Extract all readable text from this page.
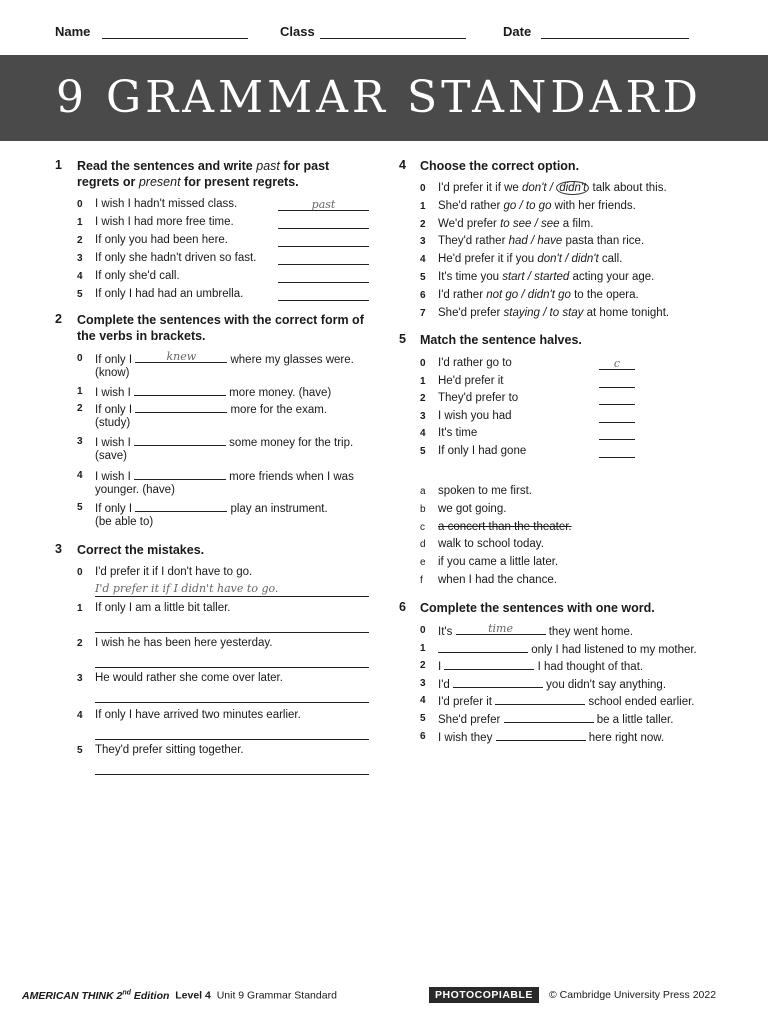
Name	Class	Date
9 GRAMMAR STANDARD
1 Read the sentences and write past for past
regrets or present for present regrets.
0 I wish I hadn't missed class.	past
1 I wish I had more free time.
2 If only you had been here.
3 If only she hadn't driven so fast.
4 If only she'd call.
5 If only I had had an umbrella.
2 Complete the sentences with the correct form of
the verbs in brackets.
0 If only I	knew	where my glasses were.
(know)
1 I wish I	more money. (have)
2 If only I	more for the exam.
(study)
3 I wish I	some money for the trip.
(save)
4 I wish I	more friends when I was
younger. (have)
5 If only I	play an instrument.
(be able to)
3 Correct the mistakes.
0 I'd prefer it if I don't have to go.
I'd prefer it if I didn't have to go.
1 If only I am a little bit taller.
2 I wish he has been here yesterday.
3 He would rather she come over later.
4 If only I have arrived two minutes earlier.
5 They'd prefer sitting together.
4 Choose the correct option.
0 I'd prefer it if we don't / didn't talk about this.
1 She'd rather go / to go with her friends.
2 We'd prefer to see / see a film.
3 They'd rather had / have pasta than rice.
4 He'd prefer it if you don't / didn't call.
5 It's time you start / started acting your age.
6 I'd rather not go / didn't go to the opera.
7 She'd prefer staying / to stay at home tonight.
5 Match the sentence halves.
0 I'd rather go to	c
1 He'd prefer it
2 They'd prefer to
3 I wish you had
4 It's time
5 If only I had gone
a spoken to me first.
b we got going.
c a concert than the theater.
d walk to school today.
e if you came a little later.
f when I had the chance.
6 Complete the sentences with one word.
0 It's	time	they went home.
1	only I had listened to my mother.
2 I	I had thought of that.
3 I'd	you didn't say anything.
4 I'd prefer it	school ended earlier.
5 She'd prefer	be a little taller.
6 I wish they	here right now.
AMERICAN THINK 2nd Edition Level 4 Unit 9 Grammar Standard	PHOTOCOPIABLE	© Cambridge University Press 2022
